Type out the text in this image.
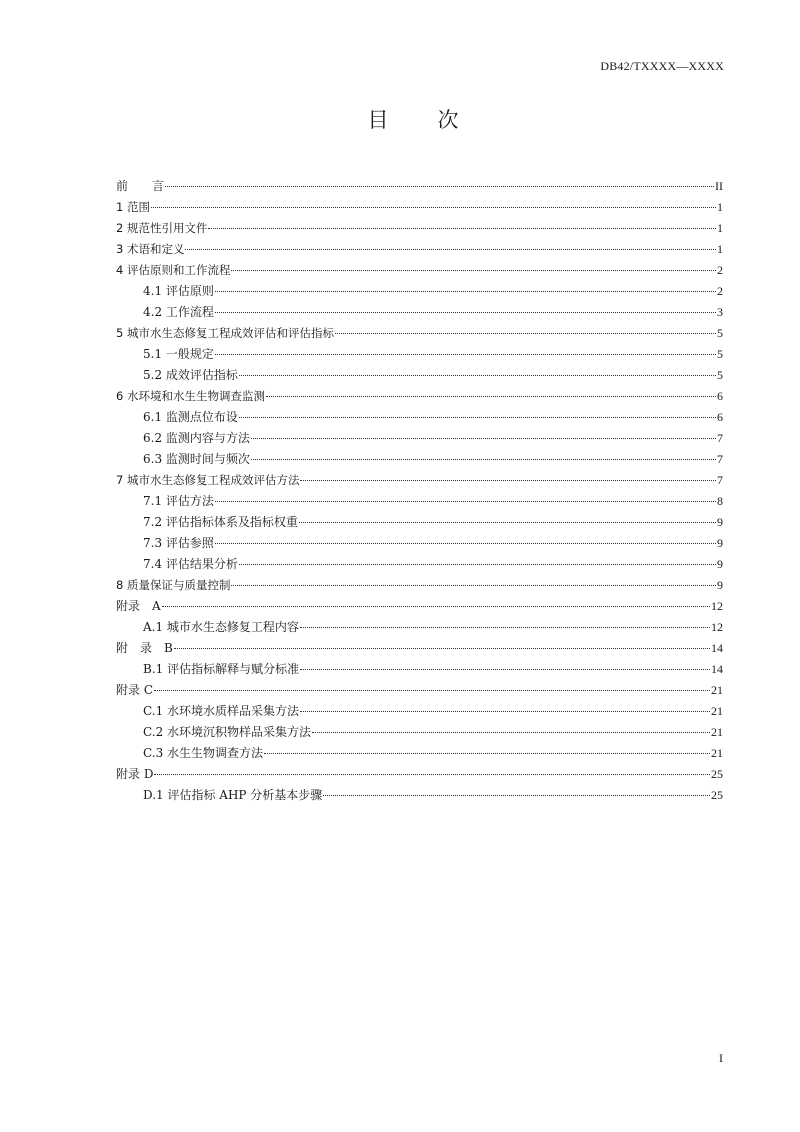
DB42/TXXXX—XXXX
目　次
前　　言	II
1 范围	1
2 规范性引用文件	1
3 术语和定义	1
4 评估原则和工作流程	2
4.1 评估原则	2
4.2 工作流程	3
5 城市水生态修复工程成效评估和评估指标	5
5.1 一般规定	5
5.2 成效评估指标	5
6 水环境和水生生物调查监测	6
6.1 监测点位布设	6
6.2 监测内容与方法	7
6.3 监测时间与频次	7
7 城市水生态修复工程成效评估方法	7
7.1 评估方法	8
7.2 评估指标体系及指标权重	9
7.3 评估参照	9
7.4 评估结果分析	9
8 质量保证与质量控制	9
附录　A	12
A.1 城市水生态修复工程内容	12
附　录　B	14
B.1 评估指标解释与赋分标准	14
附录 C	21
C.1 水环境水质样品采集方法	21
C.2 水环境沉积物样品采集方法	21
C.3 水生生物调查方法	21
附录 D	25
D.1 评估指标 AHP 分析基本步骤	25
I
